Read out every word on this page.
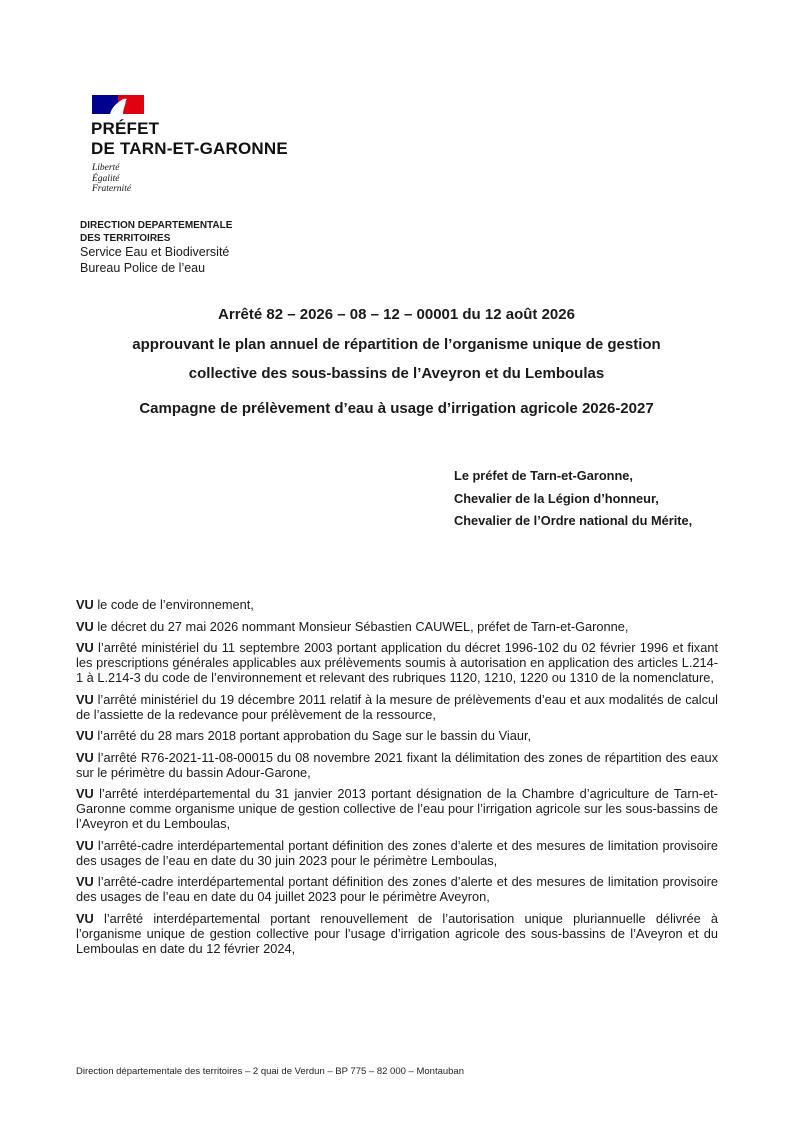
PRÉFET
DE TARN-ET-GARONNE
Liberté
Égalité
Fraternité
DIRECTION DEPARTEMENTALE
DES TERRITOIRES
Service Eau et Biodiversité
Bureau Police de l’eau
Arrêté 82 – 2026 – 08 – 12 – 00001 du 12 août 2026
approuvant le plan annuel de répartition de l’organisme unique de gestion
collective des sous-bassins de l’Aveyron et du Lemboulas
Campagne de prélèvement d’eau à usage d’irrigation agricole 2026-2027
Le préfet de Tarn-et-Garonne,
Chevalier de la Légion d’honneur,
Chevalier de l’Ordre national du Mérite,

VU le code de l’environnement,

VU le décret du 27 mai 2026 nommant Monsieur Sébastien CAUWEL, préfet de Tarn-et-Garonne,

VU l’arrêté ministériel du 11 septembre 2003 portant application du décret 1996-102 du 02 février 1996 et fixant les prescriptions générales applicables aux prélèvements soumis à autorisation en application des articles L.214-1 à L.214-3 du code de l’environnement et relevant des rubriques 1120, 1210, 1220 ou 1310 de la nomenclature,

VU l’arrêté ministériel du 19 décembre 2011 relatif à la mesure de prélèvements d’eau et aux modalités de calcul de l’assiette de la redevance pour prélèvement de la ressource,

VU l’arrêté du 28 mars 2018 portant approbation du Sage sur le bassin du Viaur,

VU l’arrêté R76-2021-11-08-00015 du 08 novembre 2021 fixant la délimitation des zones de répartition des eaux sur le périmètre du bassin Adour-Garone,

VU l’arrêté interdépartemental du 31 janvier 2013 portant désignation de la Chambre d’agriculture de Tarn-et-Garonne comme organisme unique de gestion collective de l’eau pour l’irrigation agricole sur les sous-bassins de l’Aveyron et du Lemboulas,

VU l’arrêté-cadre interdépartemental portant définition des zones d’alerte et des mesures de limitation provisoire des usages de l’eau en date du 30 juin 2023 pour le périmètre Lemboulas,

VU l’arrêté-cadre interdépartemental portant définition des zones d’alerte et des mesures de limitation provisoire des usages de l’eau en date du 04 juillet 2023 pour le périmètre Aveyron,

VU l’arrêté interdépartemental portant renouvellement de l’autorisation unique pluriannuelle délivrée à l’organisme unique de gestion collective pour l’usage d’irrigation agricole des sous-bassins de l’Aveyron et du Lemboulas en date du 12 février 2024,

Direction départementale des territoires – 2 quai de Verdun – BP 775 – 82 000 – Montauban
